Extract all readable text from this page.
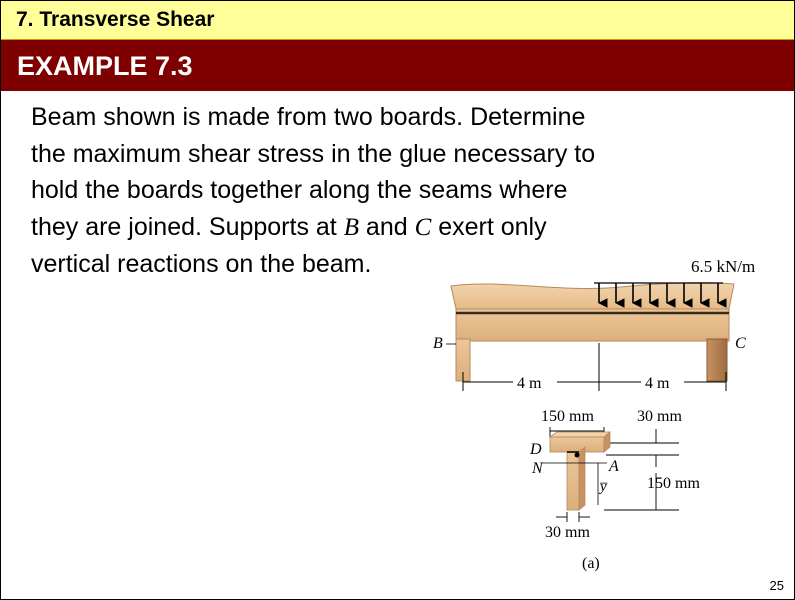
7. Transverse Shear
EXAMPLE 7.3
Beam shown is made from two boards. Determine
the maximum shear stress in the glue necessary to
hold the boards together along the seams where
they are joined. Supports at B and C exert only
vertical reactions on the beam.	6.5 kN/m
B	C
4 m	4 m
150 mm	30 mm
D
N	A
y̅	150 mm
30 mm
(a)
25
